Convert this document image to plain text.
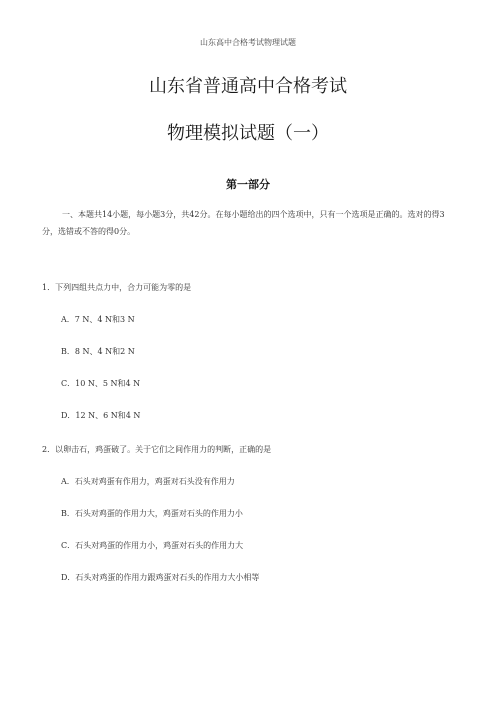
山东高中合格考试物理试题
山东省普通高中合格考试
物理模拟试题（一）
第一部分
一、本题共14小题，每小题3分，共42分。在每小题给出的四个选项中，只有一个选项是正确的。选对的得3分，选错或不答的得0分。
1．下列四组共点力中，合力可能为零的是
A．7 N、4 N和3 N
B．8 N、4 N和2 N
C．10 N、5 N和4 N
D．12 N、6 N和4 N
2．以卵击石，鸡蛋破了。关于它们之间作用力的判断，正确的是
A．石头对鸡蛋有作用力，鸡蛋对石头没有作用力
B．石头对鸡蛋的作用力大，鸡蛋对石头的作用力小
C．石头对鸡蛋的作用力小，鸡蛋对石头的作用力大
D．石头对鸡蛋的作用力跟鸡蛋对石头的作用力大小相等
